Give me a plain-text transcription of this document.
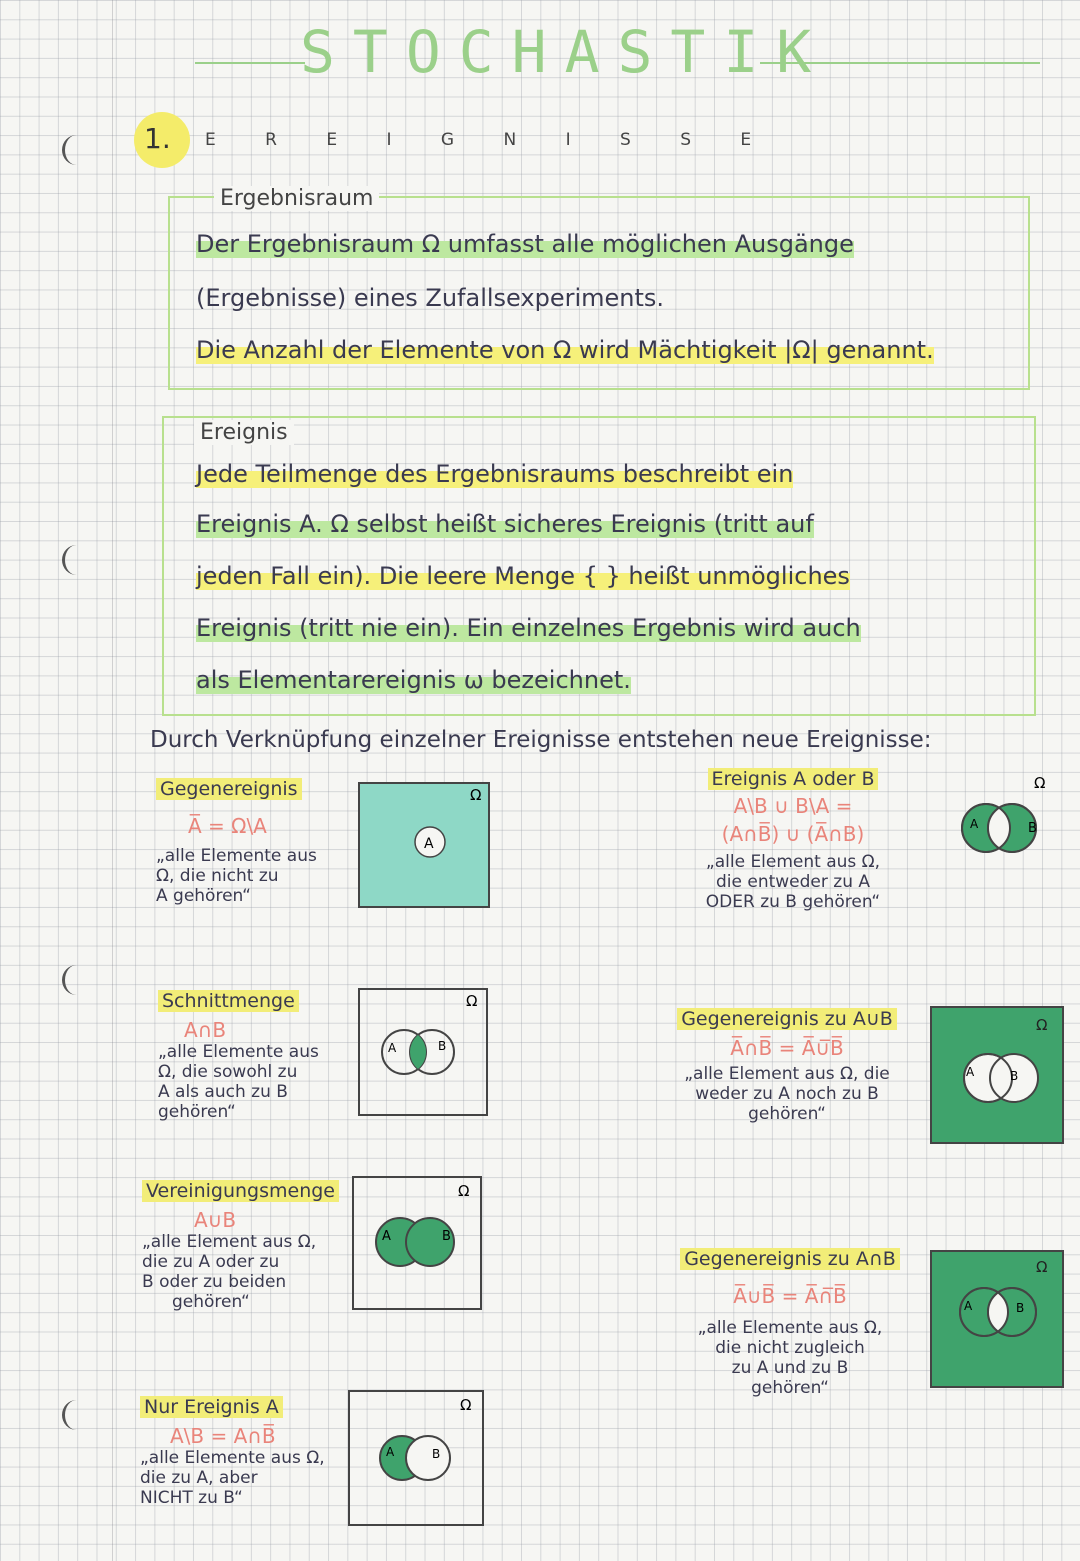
STOCHASTIK
1. E R E I G N I S S E
Ergebnisraum
Der Ergebnisraum Ω umfasst alle möglichen Ausgänge
(Ergebnisse) eines Zufallsexperiments.
Die Anzahl der Elemente von Ω wird Mächtigkeit |Ω| genannt.
Ereignis
Jede Teilmenge des Ergebnisraums beschreibt ein
Ereignis A. Ω selbst heißt sicheres Ereignis (tritt auf
jeden Fall ein). Die leere Menge { } heißt unmögliches
Ereignis (tritt nie ein). Ein einzelnes Ergebnis wird auch
als Elementarereignis ω bezeichnet.
Durch Verknüpfung einzelner Ereignisse entstehen neue Ereignisse:
Gegenereignis
A̅ = Ω\A
„alle Elemente aus
Ω, die nicht zu
A gehören“
A
Ω
Schnittmenge
A∩B
„alle Elemente aus
Ω, die sowohl zu
A als auch zu B
gehören“
A	B
Ω
Vereinigungsmenge
A∪B
„alle Element aus Ω,
die zu A oder zu
B oder zu beiden
gehören“
A	B
Ω
Nur Ereignis A
A\B = A∩B̅
„alle Elemente aus Ω,
die zu A, aber
NICHT zu B“
A	B
Ω
Ereignis A oder B
A\B ∪ B\A =
(A∩B̅) ∪ (A̅∩B)
„alle Element aus Ω,
die entweder zu A
ODER zu B gehören“
A	B
Ω
Gegenereignis zu A∪B
A̅∩B̅ = A̅∪̅B̅
„alle Element aus Ω, die
weder zu A noch zu B
gehören“
A	B
Ω
Gegenereignis zu A∩B
A̅∪B̅ = A̅∩̅B̅
„alle Elemente aus Ω,
die nicht zugleich
zu A und zu B
gehören“
A	B
Ω
